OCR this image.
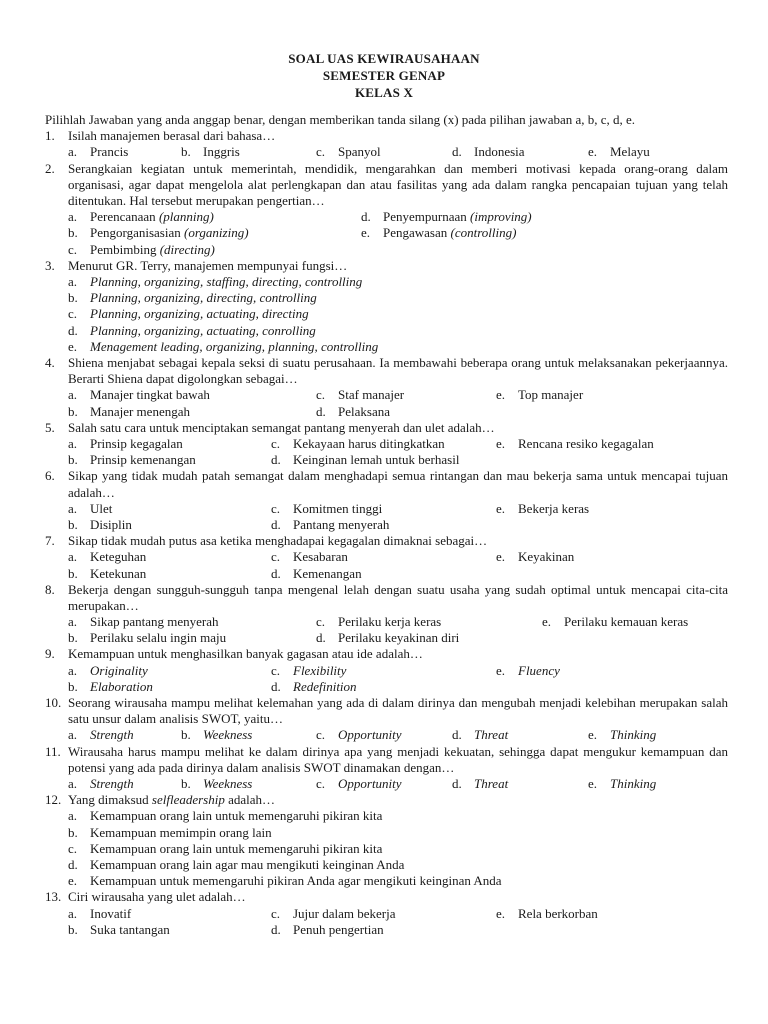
SOAL UAS KEWIRAUSAHAAN
SEMESTER GENAP
KELAS X
Pilihlah Jawaban yang anda anggap benar, dengan memberikan tanda silang (x) pada pilihan jawaban a, b, c, d, e.
1. Isilah manajemen berasal dari bahasa…
a. Prancis	b. Inggris	c. Spanyol	d. Indonesia	e. Melayu
2. Serangkaian kegiatan untuk memerintah, mendidik, mengarahkan dan memberi motivasi kepada orang-orang dalam organisasi, agar dapat mengelola alat perlengkapan dan atau fasilitas yang ada dalam rangka pencapaian tujuan yang telah ditentukan. Hal tersebut merupakan pengertian…
a. Perencanaan (planning)	d. Penyempurnaan (improving)
b. Pengorganisasian (organizing)	e. Pengawasan (controlling)
c. Pembimbing (directing)
3. Menurut GR. Terry, manajemen mempunyai fungsi…
a. Planning, organizing, staffing, directing, controlling
b. Planning, organizing, directing, controlling
c. Planning, organizing, actuating, directing
d. Planning, organizing, actuating, conrolling
e. Menagement leading, organizing, planning, controlling
4. Shiena menjabat sebagai kepala seksi di suatu perusahaan. Ia membawahi beberapa orang untuk melaksanakan pekerjaannya. Berarti Shiena dapat digolongkan sebagai…
a. Manajer tingkat bawah	c. Staf manajer	e. Top manajer
b. Manajer menengah	d. Pelaksana
5. Salah satu cara untuk menciptakan semangat pantang menyerah dan ulet adalah…
a. Prinsip kegagalan	c. Kekayaan harus ditingkatkan	e. Rencana resiko kegagalan
b. Prinsip kemenangan	d. Keinginan lemah untuk berhasil
6. Sikap yang tidak mudah patah semangat dalam menghadapi semua rintangan dan mau bekerja sama untuk mencapai tujuan adalah…
a. Ulet	c. Komitmen tinggi	e. Bekerja keras
b. Disiplin	d. Pantang menyerah
7. Sikap tidak mudah putus asa ketika menghadapai kegagalan dimaknai sebagai…
a. Keteguhan	c. Kesabaran	e. Keyakinan
b. Ketekunan	d. Kemenangan
8. Bekerja dengan sungguh-sungguh tanpa mengenal lelah dengan suatu usaha yang sudah optimal untuk mencapai cita-cita merupakan…
a. Sikap pantang menyerah	c. Perilaku kerja keras	e. Perilaku kemauan keras
b. Perilaku selalu ingin maju	d. Perilaku keyakinan diri
9. Kemampuan untuk menghasilkan banyak gagasan atau ide adalah…
a. Originality	c. Flexibility	e. Fluency
b. Elaboration	d. Redefinition
10. Seorang wirausaha mampu melihat kelemahan yang ada di dalam dirinya dan mengubah menjadi kelebihan merupakan salah satu unsur dalam analisis SWOT, yaitu…
a. Strength	b. Weekness	c. Opportunity	d. Threat	e. Thinking
11. Wirausaha harus mampu melihat ke dalam dirinya apa yang menjadi kekuatan, sehingga dapat mengukur kemampuan dan potensi yang ada pada dirinya dalam analisis SWOT dinamakan dengan…
a. Strength	b. Weekness	c. Opportunity	d. Threat	e. Thinking
12. Yang dimaksud selfleadership adalah…
a. Kemampuan orang lain untuk memengaruhi pikiran kita
b. Kemampuan memimpin orang lain
c. Kemampuan orang lain untuk memengaruhi pikiran kita
d. Kemampuan orang lain agar mau mengikuti keinginan Anda
e. Kemampuan untuk memengaruhi pikiran Anda agar mengikuti keinginan Anda
13. Ciri wirausaha yang ulet adalah…
a. Inovatif	c. Jujur dalam bekerja	e. Rela berkorban
b. Suka tantangan	d. Penuh pengertian
